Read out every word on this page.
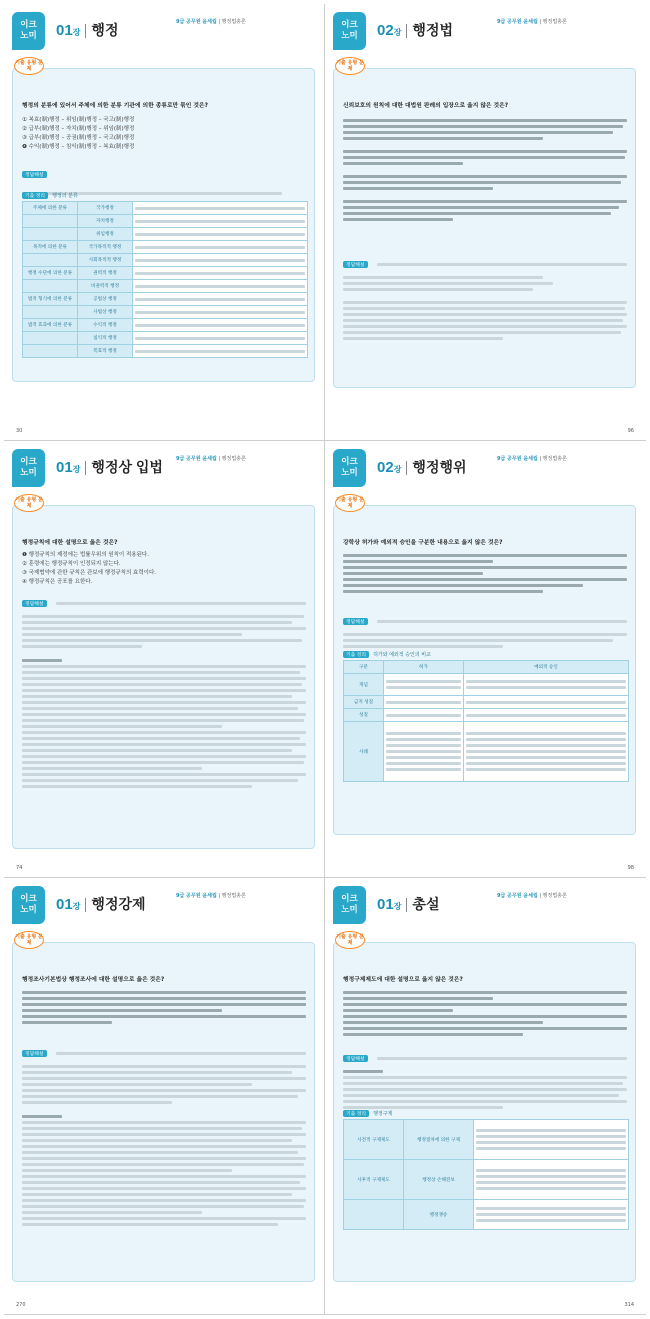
이크
노미	01장 행정	9급 공무원 윤세립 | 행정법총론
기출 유형 문제
행정의 분류에 있어서 주체에 의한 분류 기관에 의한 종류로만 묶인 것은?
① 복효(制)행정 – 위임(制)행정 – 국고(制)행정
② 급부(制)행정 – 자치(制)행정 – 위임(制)행정
③ 급부(制)행정 – 공권(制)행정 – 국고(制)행정
❹ 수익(制)행정 – 침익(制)행정 – 복효(制)행정
정답해설
기출 정리 행정의 분류
주체에 의한 분류	국가행정	

	자치행정	

	위임행정	

목적에 의한 분류	국가목적적 행정	

	사회목적적 행정	

행정 수단에 의한 분류	권력적 행정	

	비권력적 행정	

법적 형식에 의한 분류	공법상 행정	

	사법상 행정	

법적 효과에 의한 분류	수익적 행정	

	침익적 행정	

	복효적 행정	
30
이크
노미	02장 행정법	9급 공무원 윤세립 | 행정법총론
기출 유형 문제
신뢰보호의 원칙에 대한 대법원 판례의 입장으로 옳지 않은 것은?
정답해설
96
이크
노미	01장 행정상 입법	9급 공무원 윤세립 | 행정법총론
기출 유형 문제
행정규칙에 대한 설명으로 옳은 것은?
❶ 행정규칙의 제정에는 법률우위의 원칙이 적용된다.
② 훈령에는 행정규칙이 인정되지 않는다.
③ 국제협약에 관한 규칙은 관보에 행정규칙의 효력이다.
④ 행정규칙은 공포를 요한다.
정답해설
74
이크
노미	02장 행정행위	9급 공무원 윤세립 | 행정법총론
기출 유형 문제
강학상 허가와 예외적 승인을 구분한 내용으로 옳지 않은 것은?
정답해설
기출 정리 허가와 예외적 승인의 비교
구분	허가	예외적 승인
개념	

금지 성질	

성질	

사례	

98
이크
노미	01장 행정강제	9급 공무원 윤세립 | 행정법총론
기출 유형 문제
행정조사기본법상 행정조사에 대한 설명으로 옳은 것은?
정답해설
270
이크
노미	01장 총설	9급 공무원 윤세립 | 행정법총론
기출 유형 문제
행정구제제도에 대한 설명으로 옳지 않은 것은?
정답해설
기출 정리 행정구제
사전적 구제제도	행정절차에 의한 구제	

사후적 구제제도	행정상 손해전보	

	행정쟁송	
314
